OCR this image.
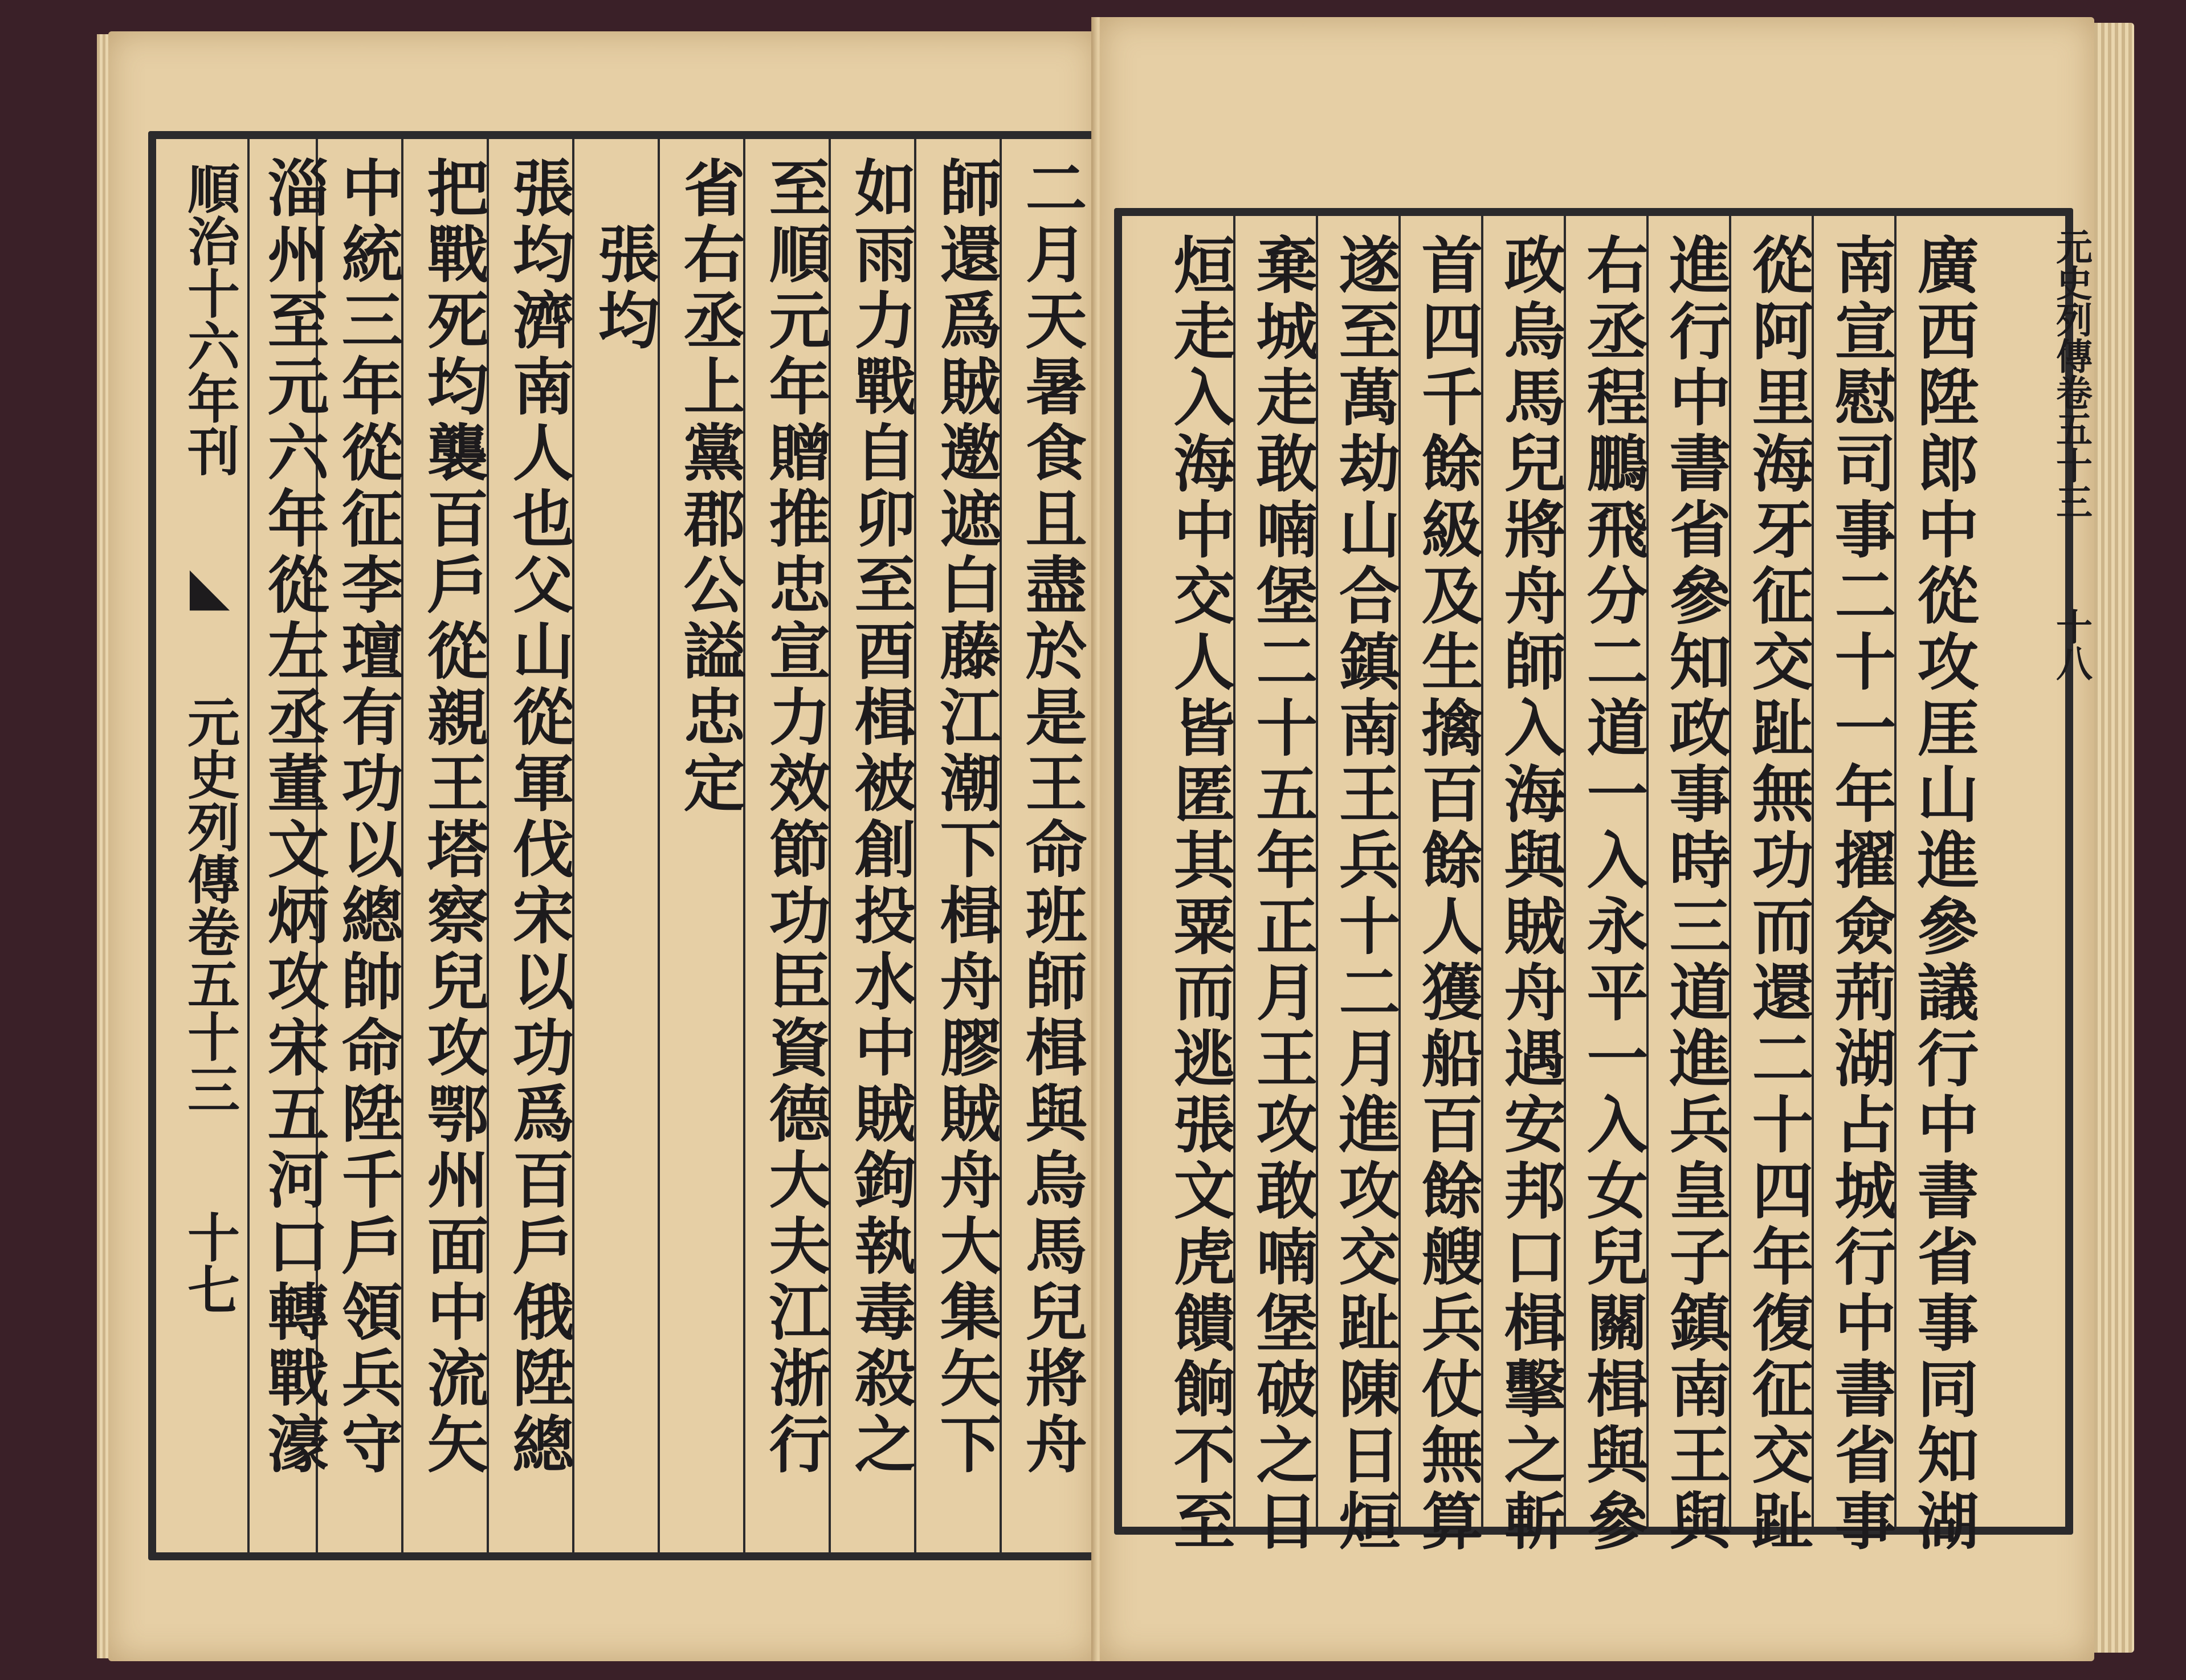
順治十六年刊 ◣ 元史列傳卷五十三 十七	二月天暑食且盡於是王命班師楫與烏馬兒將舟
師還爲賊邀遮白藤江潮下楫舟膠賊舟大集矢下
如雨力戰自卯至酉楫被創投水中賊鉤執毒殺之
至順元年贈推忠宣力效節功臣資德大夫江浙行
省右丞上黨郡公謚忠定
　張均
張均濟南人也父山從軍伐宋以功爲百戶俄陞總
把戰死均襲百戶從親王塔察兒攻鄂州面中流矢
中統三年從征李璮有功以總帥命陞千戶領兵守
淄州至元六年從左丞董文炳攻宋五河口轉戰濠	廣西陞郎中從攻厓山進參議行中書省事同知湖
南宣慰司事二十一年擢僉荊湖占城行中書省事
從阿里海牙征交趾無功而還二十四年復征交趾
進行中書省參知政事時三道進兵皇子鎮南王與
右丞程鵬飛分二道一入永平一入女兒關楫與參
政烏馬兒將舟師入海與賊舟遇安邦口楫擊之斬
首四千餘級及生擒百餘人獲船百餘艘兵仗無算
遂至萬劫山合鎮南王兵十二月進攻交趾陳日烜
棄城走敢喃堡二十五年正月王攻敢喃堡破之日
烜走入海中交人皆匿其粟而逃張文虎饋餉不至	元史列傳卷五十三 十八
